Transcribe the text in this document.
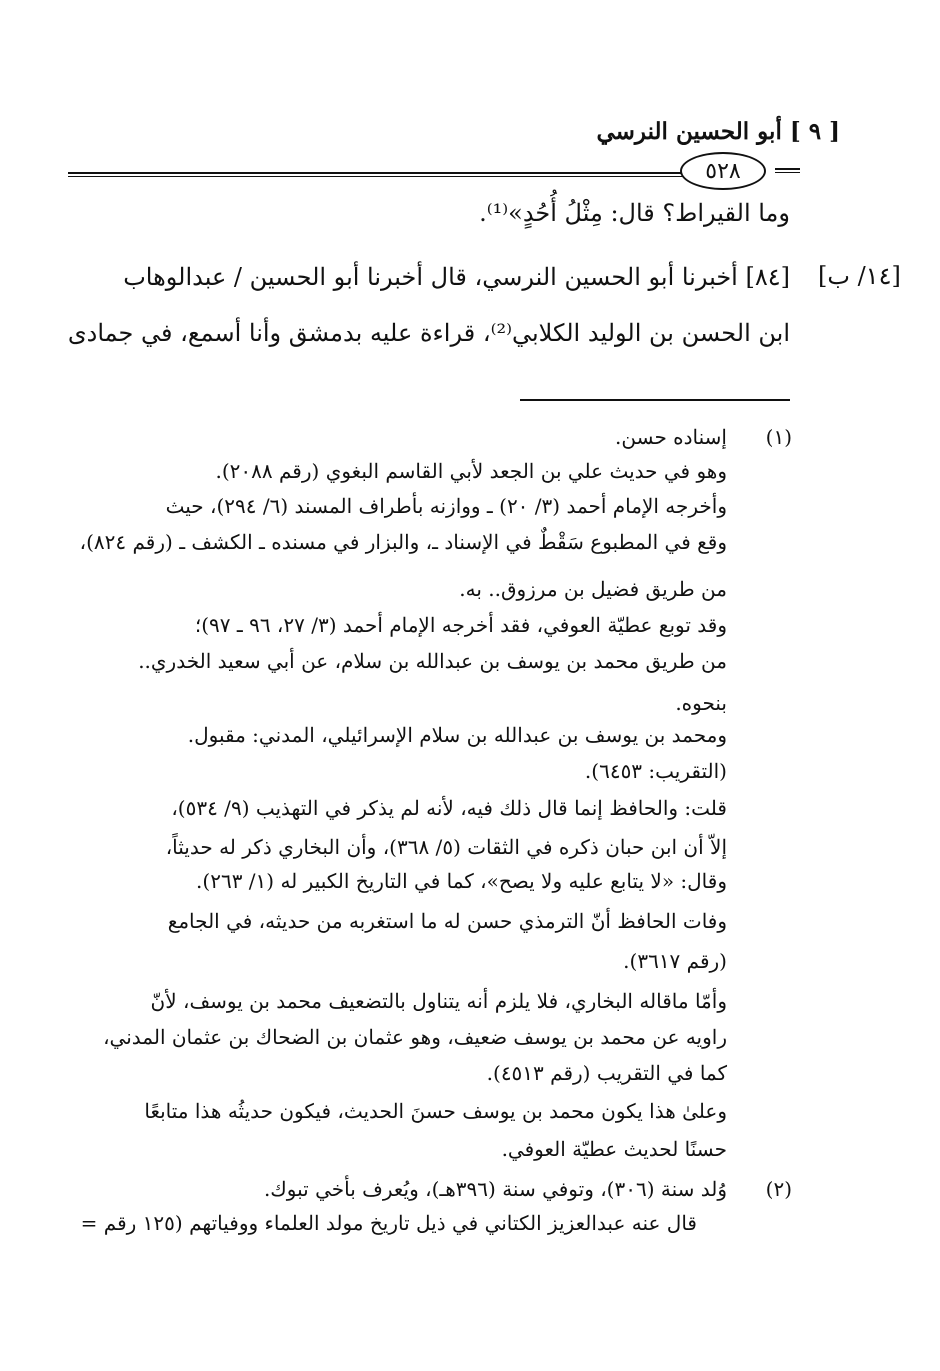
[ ٩ ] أبو الحسين النرسي
٥٢٨
وما القيراط؟ قال: مِثْلُ أُحُدٍ»⁽¹⁾.
[٨٤] أخبرنا أبو الحسين النرسي، قال أخبرنا أبو الحسين / عبدالوهاب
ابن الحسن بن الوليد الكلابي⁽²⁾، قراءة عليه بدمشق وأنا أسمع، في جمادى
[١٤/ ب]
(١)
إسناده حسن.
وهو في حديث علي بن الجعد لأبي القاسم البغوي (رقم ٢٠٨٨).
وأخرجه الإمام أحمد (٣/ ٢٠) ـ ووازنه بأطراف المسند (٦/ ٢٩٤)، حيث
وقع في المطبوع سَقْطٌ في الإسناد ـ، والبزار في مسنده ـ الكشف ـ (رقم ٨٢٤)،
من طريق فضيل بن مرزوق.. به.
وقد توبع عطيّة العوفي، فقد أخرجه الإمام أحمد (٣/ ٢٧، ٩٦ ـ ٩٧)؛
من طريق محمد بن يوسف بن عبدالله بن سلام، عن أبي سعيد الخدري..
بنحوه.
ومحمد بن يوسف بن عبدالله بن سلام الإسرائيلي، المدني: مقبول.
(التقريب: ٦٤٥٣).
قلت: والحافظ إنما قال ذلك فيه، لأنه لم يذكر في التهذيب (٩/ ٥٣٤)،
إلاّ أن ابن حبان ذكره في الثقات (٥/ ٣٦٨)، وأن البخاري ذكر له حديثاً،
وقال: «لا يتابع عليه ولا يصح»، كما في التاريخ الكبير له (١/ ٢٦٣).
وفات الحافظ أنّ الترمذي حسن له ما استغربه من حديثه، في الجامع
(رقم ٣٦١٧).
وأمّا ماقاله البخاري، فلا يلزم أنه يتناول بالتضعيف محمد بن يوسف، لأنّ
راويه عن محمد بن يوسف ضعيف، وهو عثمان بن الضحاك بن عثمان المدني،
كما في التقريب (رقم ٤٥١٣).
وعلىٰ هذا يكون محمد بن يوسف حسنَ الحديث، فيكون حديثُه هذا متابعًا
حسنًا لحديث عطيّة العوفي.
(٢)
وُلد سنة (٣٠٦)، وتوفي سنة (٣٩٦هـ)، ويُعرف بأخي تبوك.
قال عنه عبدالعزيز الكتاني في ذيل تاريخ مولد العلماء ووفياتهم (١٢٥ رقم =
